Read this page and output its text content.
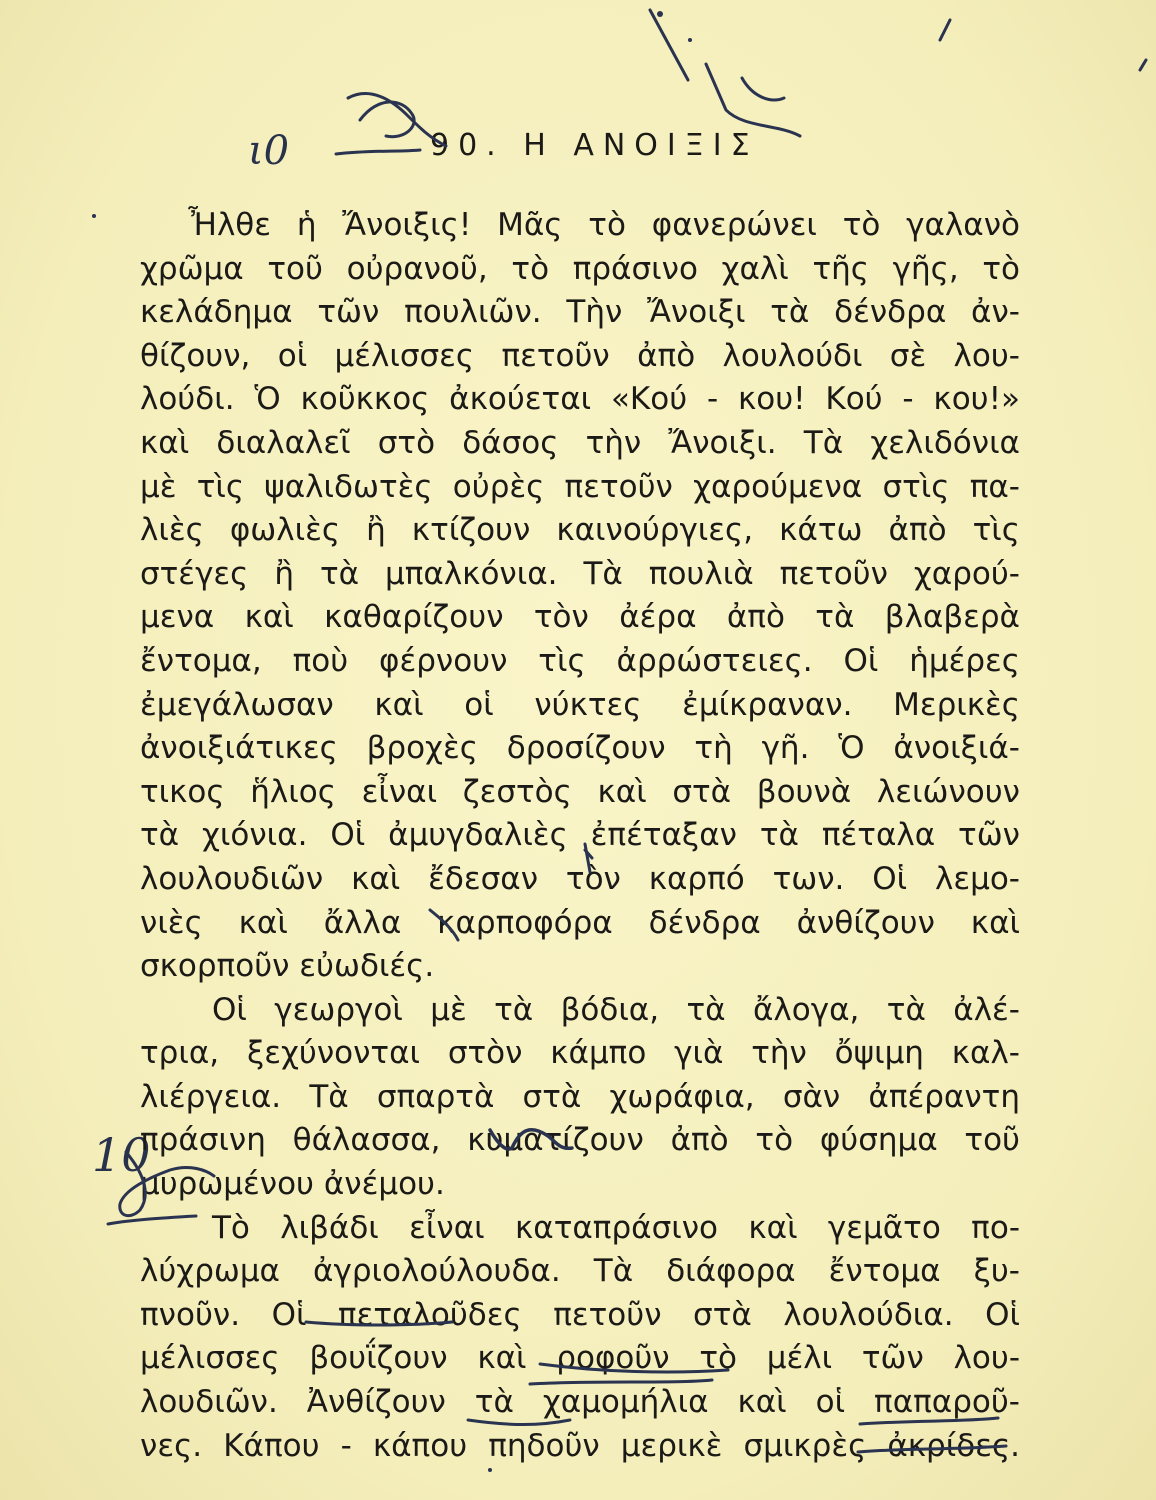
ι0
10
90. Η ΑΝΟΙΞΙΣ
Ἦλθε ἡ Ἄνοιξις! Μᾶς τὸ φανερώνει τὸ γαλανὸ
χρῶμα τοῦ οὐρανοῦ, τὸ πράσινο χαλὶ τῆς γῆς, τὸ
κελάδημα τῶν πουλιῶν. Τὴν Ἄνοιξι τὰ δένδρα ἀν-
θίζουν, οἱ μέλισσες πετοῦν ἀπὸ λουλούδι σὲ λου-
λούδι. Ὁ κοῦκκος ἀκούεται «Κού - κου! Κού - κου!»
καὶ διαλαλεῖ στὸ δάσος τὴν Ἄνοιξι. Τὰ χελιδόνια
μὲ τὶς ψαλιδωτὲς οὐρὲς πετοῦν χαρούμενα στὶς πα-
λιὲς φωλιὲς ἢ κτίζουν καινούργιες, κάτω ἀπὸ τὶς
στέγες ἢ τὰ μπαλκόνια. Τὰ πουλιὰ πετοῦν χαρού-
μενα καὶ καθαρίζουν τὸν ἀέρα ἀπὸ τὰ βλαβερὰ
ἔντομα, ποὺ φέρνουν τὶς ἀρρώστειες. Οἱ ἡμέρες
ἐμεγάλωσαν καὶ οἱ νύκτες ἐμίκραναν. Μερικὲς
ἀνοιξιάτικες βροχὲς δροσίζουν τὴ γῆ. Ὁ ἀνοιξιά-
τικος ἥλιος εἶναι ζεστὸς καὶ στὰ βουνὰ λειώνουν
τὰ χιόνια. Οἱ ἀμυγδαλιὲς ἐπέταξαν τὰ πέταλα τῶν
λουλουδιῶν καὶ ἔδεσαν τὸν καρπό των. Οἱ λεμο-
νιὲς καὶ ἄλλα καρποφόρα δένδρα ἀνθίζουν καὶ
σκορποῦν εὐωδιές.
Οἱ γεωργοὶ μὲ τὰ βόδια, τὰ ἄλογα, τὰ ἀλέ-
τρια, ξεχύνονται στὸν κάμπο γιὰ τὴν ὄψιμη καλ-
λιέργεια. Τὰ σπαρτὰ στὰ χωράφια, σὰν ἀπέραντη
πράσινη θάλασσα, κυματίζουν ἀπὸ τὸ φύσημα τοῦ
μυρωμένου ἀνέμου.
Τὸ λιβάδι εἶναι καταπράσινο καὶ γεμᾶτο πο-
λύχρωμα ἀγριολούλουδα. Τὰ διάφορα ἔντομα ξυ-
πνοῦν. Οἱ πεταλοῦδες πετοῦν στὰ λουλούδια. Οἱ
μέλισσες βουΐζουν καὶ ροφοῦν τὸ μέλι τῶν λου-
λουδιῶν. Ἀνθίζουν τὰ χαμομήλια καὶ οἱ παπαροῦ-
νες. Κάπου - κάπου πηδοῦν μερικὲ σμικρὲς ἀκρίδες.
